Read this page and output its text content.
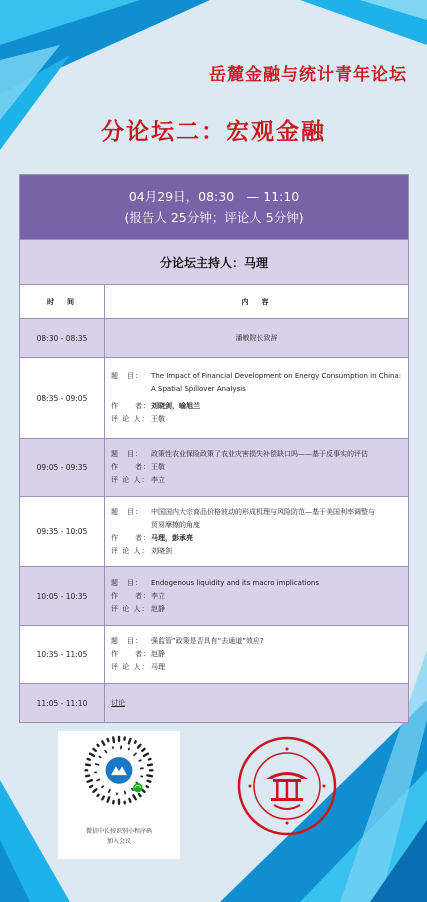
岳麓金融与统计青年论坛
分论坛二：宏观金融
04月29日，08:30　— 11:10
(报告人 25分钟；评论人 5分钟)
分论坛主持人：马理
时　间	内　容
08:30 - 08:35	潘敏院长致辞
08:35 - 09:05
题　目：	The Impact of Financial Development on Energy Consumption in China:
A Spatial Spillover Analysis
作　　者： 刘晓剑，喻旭兰
评 论 人： 王敬
09:05 - 09:35
题　目：	政策性农业保险政策了农业灾害损失补偿缺口吗——基于反事实的评估
作　　者： 王敬
评 论 人： 李立
09:35 - 10:05
题　目：	中国国内大宗商品价格波动的形成机理与风险防范—基于美国利率调整与
贸易摩擦的角度
作　　者： 马理，彭承亮
评 论 人： 刘晓剑
10:05 - 10:35
题　目：	Endogenous liquidity and its macro implications
作　　者： 李立
评 论 人： 赵静
10:35 - 11:05
题　目：	强监管”政策是否具有“去通道”效应?
作　　者： 赵静
评 论 人： 马理
11:05 - 11:10	讨论
微信中长按识别小程序码
加入会议
